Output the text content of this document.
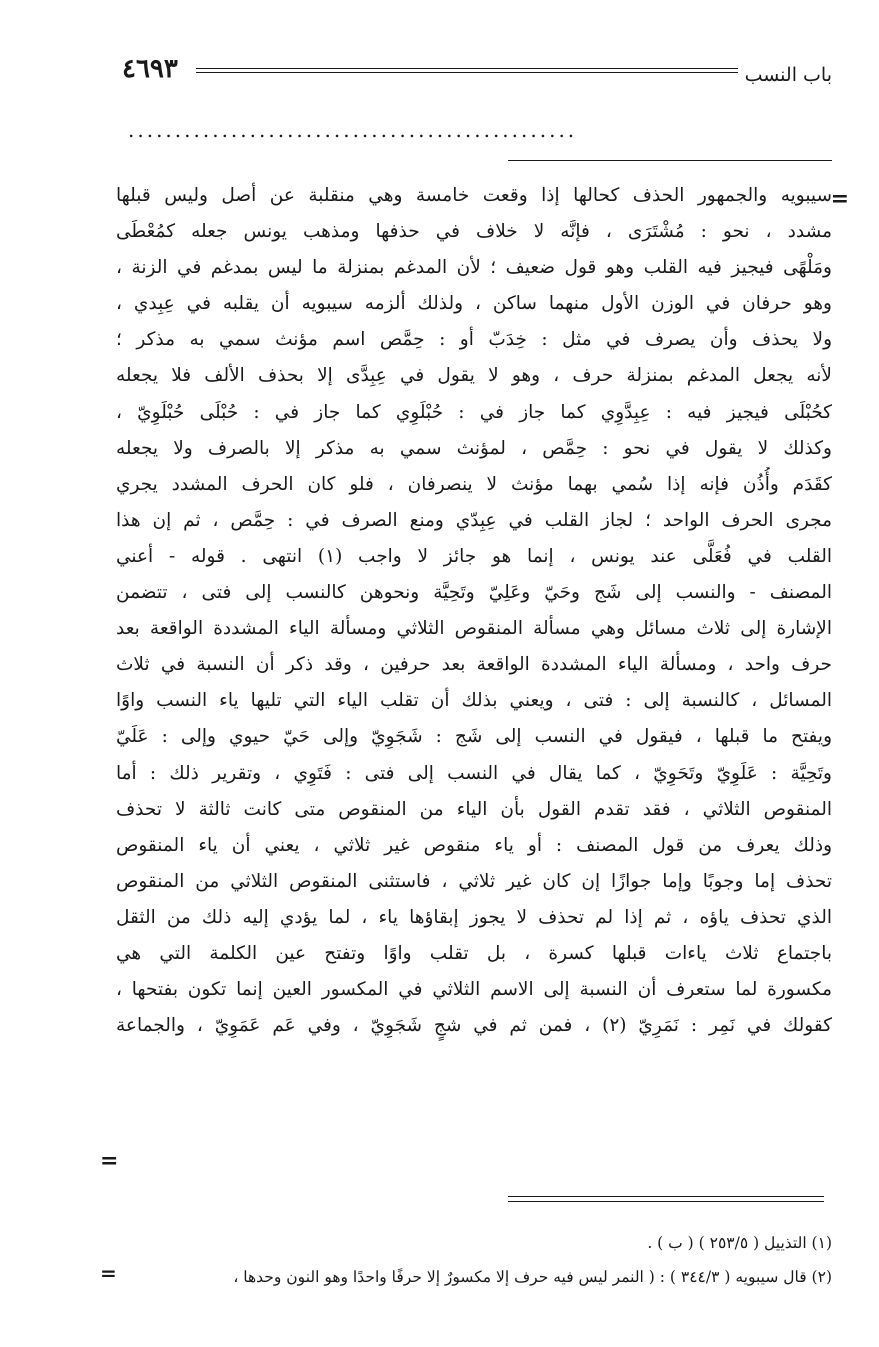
٤٦٩٣	باب النسب
................................................
=
سيبويه والجمهور الحذف كحالها إذا وقعت خامسة وهي منقلبة عن أصل وليس قبلها
مشدد ، نحو : مُشْتَرَى ، فإنَّه لا خلاف في حذفها ومذهب يونس جعله كمُعْطَى
ومَلْهًى فيجيز فيه القلب وهو قول ضعيف ؛ لأن المدغم بمنزلة ما ليس بمدغم في الزنة ،
وهو حرفان في الوزن الأول منهما ساكن ، ولذلك ألزمه سيبويه أن يقلبه في عِبِدي ،
ولا يحذف وأن يصرف في مثل : خِدَبّ أو : حِمَّص اسم مؤنث سمي به مذكر ؛
لأنه يجعل المدغم بمنزلة حرف ، وهو لا يقول في عِبِدَّى إلا بحذف الألف فلا يجعله
كحُبْلَى فيجيز فيه : عِبِدَّوِي كما جاز في : حُبْلَوِي كما جاز في : حُبْلَى حُبْلَوِيّ ،
وكذلك لا يقول في نحو : حِمَّص ، لمؤنث سمي به مذكر إلا بالصرف ولا يجعله
كقَدَم وأُذُن فإنه إذا سُمي بهما مؤنث لا ينصرفان ، فلو كان الحرف المشدد يجري
مجرى الحرف الواحد ؛ لجاز القلب في عِبِدّي ومنع الصرف في : حِمَّص ، ثم إن هذا
القلب في فُعَلَّى عند يونس ، إنما هو جائز لا واجب (١) انتهى . قوله - أعني
المصنف - والنسب إلى شَج وحَيّ وعَلِيّ وتَحِيَّة ونحوهن كالنسب إلى فتى ، تتضمن
الإشارة إلى ثلاث مسائل وهي مسألة المنقوص الثلاثي ومسألة الياء المشددة الواقعة بعد
حرف واحد ، ومسألة الياء المشددة الواقعة بعد حرفين ، وقد ذكر أن النسبة في ثلاث
المسائل ، كالنسبة إلى : فتى ، ويعني بذلك أن تقلب الياء التي تليها ياء النسب واوًا
ويفتح ما قبلها ، فيقول في النسب إلى شَج : شَجَوِيّ وإلى حَيّ حيوي وإلى : عَلَيّ
وتَحِيَّة : عَلَوِيّ وتَحَوِيّ ، كما يقال في النسب إلى فتى : فَتَوِي ، وتقرير ذلك : أما
المنقوص الثلاثي ، فقد تقدم القول بأن الياء من المنقوص متى كانت ثالثة لا تحذف
وذلك يعرف من قول المصنف : أو ياء منقوص غير ثلاثي ، يعني أن ياء المنقوص
تحذف إما وجوبًا وإما جوازًا إن كان غير ثلاثي ، فاستثنى المنقوص الثلاثي من المنقوص
الذي تحذف ياؤه ، ثم إذا لم تحذف لا يجوز إبقاؤها ياء ، لما يؤدي إليه ذلك من الثقل
باجتماع ثلاث ياءات قبلها كسرة ، بل تقلب واوًا وتفتح عين الكلمة التي هي
مكسورة لما ستعرف أن النسبة إلى الاسم الثلاثي في المكسور العين إنما تكون بفتحها ،
كقولك في نَمِر : نَمَرِيّ (٢) ، فمن ثم في شجٍ شَجَوِيّ ، وفي عَم عَمَوِيّ ، والجماعة
=
(١) التذييل ( ٢٥٣/٥ ) ( ب ) .
(٢) قال سيبويه ( ٣٤٤/٣ ) : ( النمر ليس فيه حرف إلا مكسورٌ إلا حرفًا واحدًا وهو النون وحدها ،
=
